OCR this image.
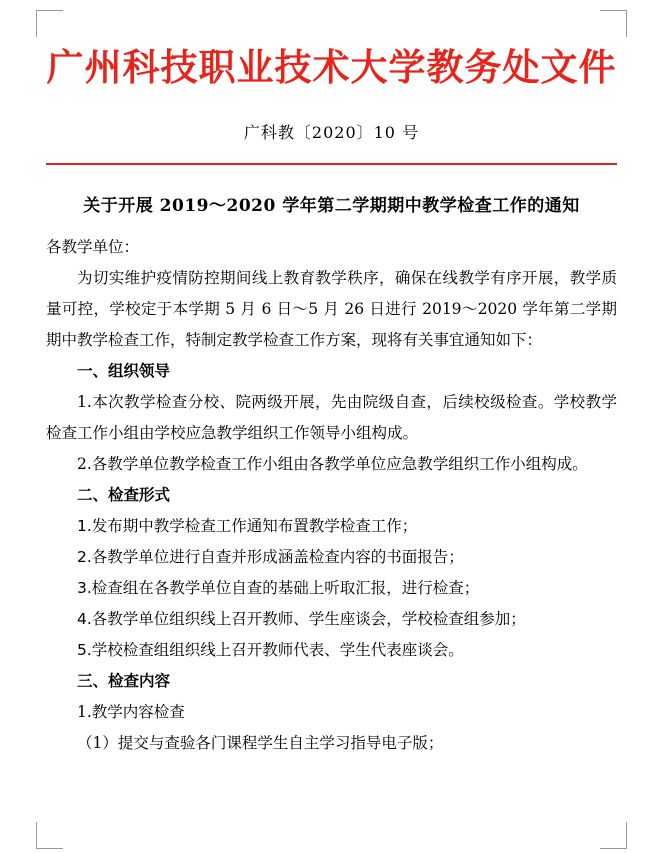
广州科技职业技术大学教务处文件
广科教〔2020〕10 号
关于开展 2019～2020 学年第二学期期中教学检查工作的通知

各教学单位：

为切实维护疫情防控期间线上教育教学秩序，确保在线教学有序开展，教学质量可控，学校定于本学期 5 月 6 日～5 月 26 日进行 2019～2020 学年第二学期期中教学检查工作，特制定教学检查工作方案，现将有关事宜通知如下：

一、组织领导

1.本次教学检查分校、院两级开展，先由院级自查，后续校级检查。学校教学检查工作小组由学校应急教学组织工作领导小组构成。

2.各教学单位教学检查工作小组由各教学单位应急教学组织工作小组构成。

二、检查形式

1.发布期中教学检查工作通知布置教学检查工作；

2.各教学单位进行自查并形成涵盖检查内容的书面报告；

3.检查组在各教学单位自查的基础上听取汇报，进行检查；

4.各教学单位组织线上召开教师、学生座谈会，学校检查组参加；

5.学校检查组组织线上召开教师代表、学生代表座谈会。

三、检查内容

1.教学内容检查

（1）提交与查验各门课程学生自主学习指导电子版；
